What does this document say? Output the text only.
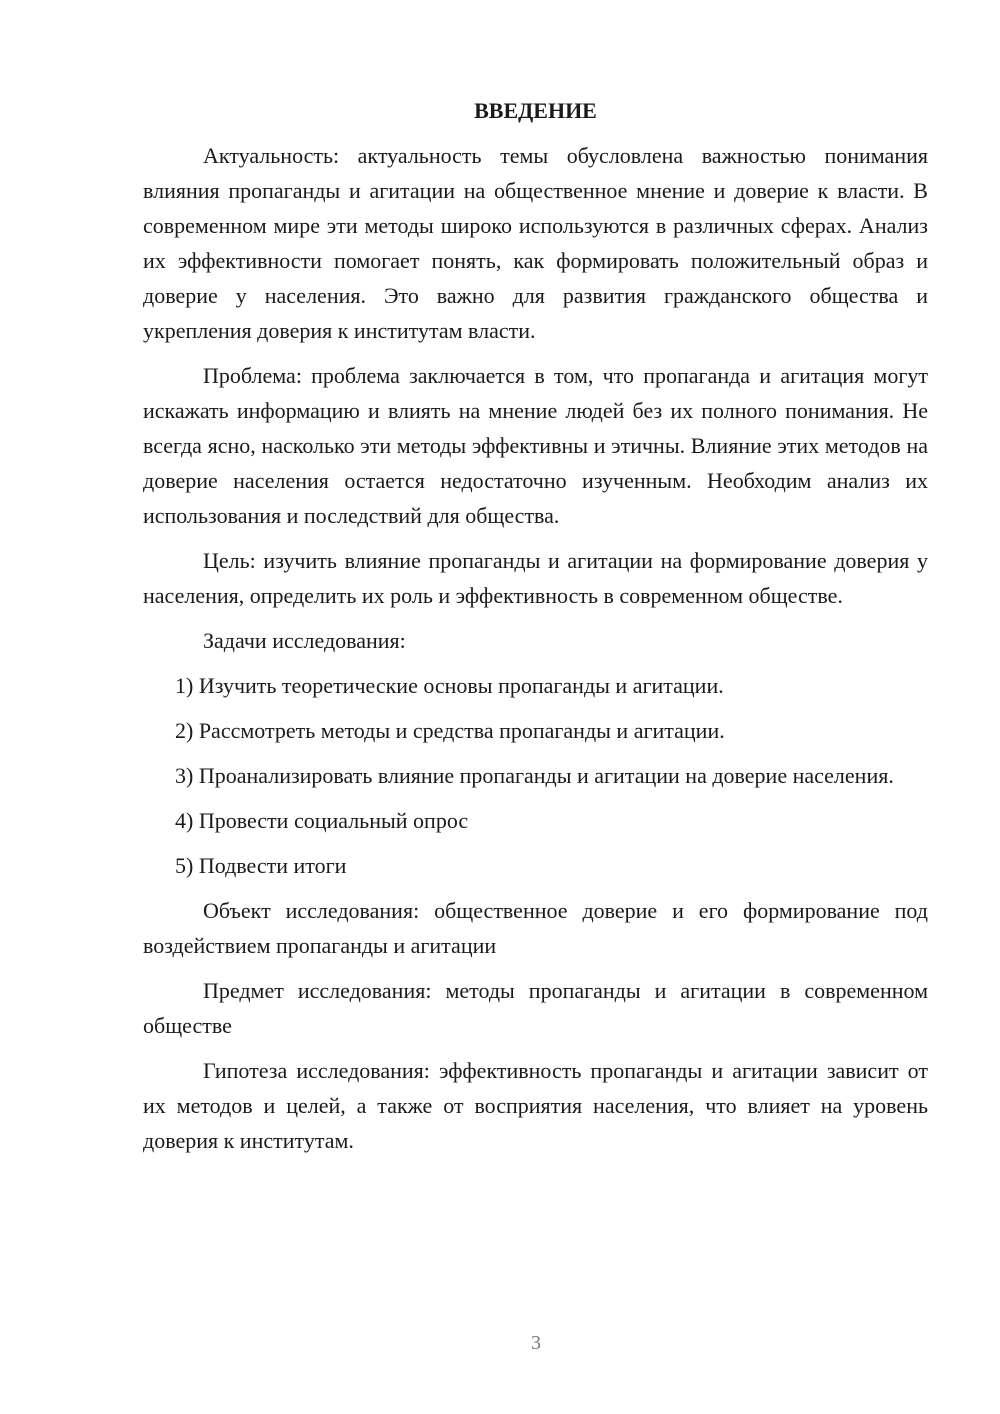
ВВЕДЕНИЕ

Актуальность: актуальность темы обусловлена важностью понимания влияния пропаганды и агитации на общественное мнение и доверие к власти. В современном мире эти методы широко используются в различных сферах. Анализ их эффективности помогает понять, как формировать положительный образ и доверие у населения. Это важно для развития гражданского общества и укрепления доверия к институтам власти.

Проблема: проблема заключается в том, что пропаганда и агитация могут искажать информацию и влиять на мнение людей без их полного понимания. Не всегда ясно, насколько эти методы эффективны и этичны. Влияние этих методов на доверие населения остается недостаточно изученным. Необходим анализ их использования и последствий для общества.

Цель: изучить влияние пропаганды и агитации на формирование доверия у населения, определить их роль и эффективность в современном обществе.

Задачи исследования:

1) Изучить теоретические основы пропаганды и агитации.

2) Рассмотреть методы и средства пропаганды и агитации.

3) Проанализировать влияние пропаганды и агитации на доверие населения.

4) Провести социальный опрос

5) Подвести итоги

Объект исследования: общественное доверие и его формирование под воздействием пропаганды и агитации

Предмет исследования: методы пропаганды и агитации в современном обществе

Гипотеза исследования: эффективность пропаганды и агитации зависит от их методов и целей, а также от восприятия населения, что влияет на уровень доверия к институтам.

3
